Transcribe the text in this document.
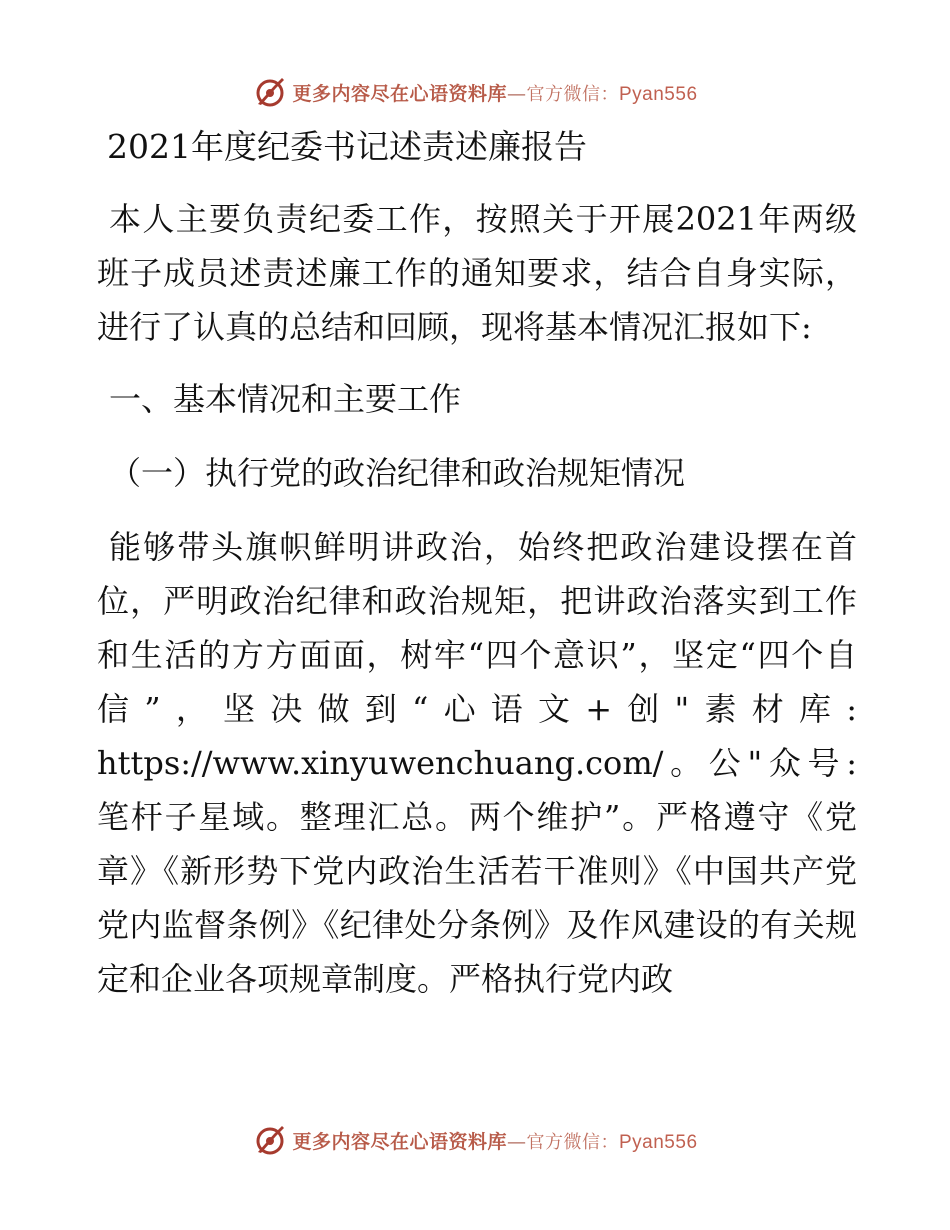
更多内容尽在心语资料库—官方微信：Pyan556
2021年度纪委书记述责述廉报告

本人主要负责纪委工作，按照关于开展2021年两级班子成员述责述廉工作的通知要求，结合自身实际，进行了认真的总结和回顾，现将基本情况汇报如下:

一、基本情况和主要工作
（一）执行党的政治纪律和政治规矩情况

能够带头旗帜鲜明讲政治，始终把政治建设摆在首位，严明政治纪律和政治规矩，把讲政治落实到工作和生活的方方面面，树牢“四个意识”，坚定“四个自信”，坚决做到“心语文+创"素材库: https://www.xinyuwenchuang.com/。公"众号: 笔杆子星域。整理汇总。两个维护”。严格遵守《党章》《新形势下党内政治生活若干准则》《中国共产党党内监督条例》《纪律处分条例》及作风建设的有关规定和企业各项规章制度。严格执行党内政

更多内容尽在心语资料库—官方微信：Pyan556
